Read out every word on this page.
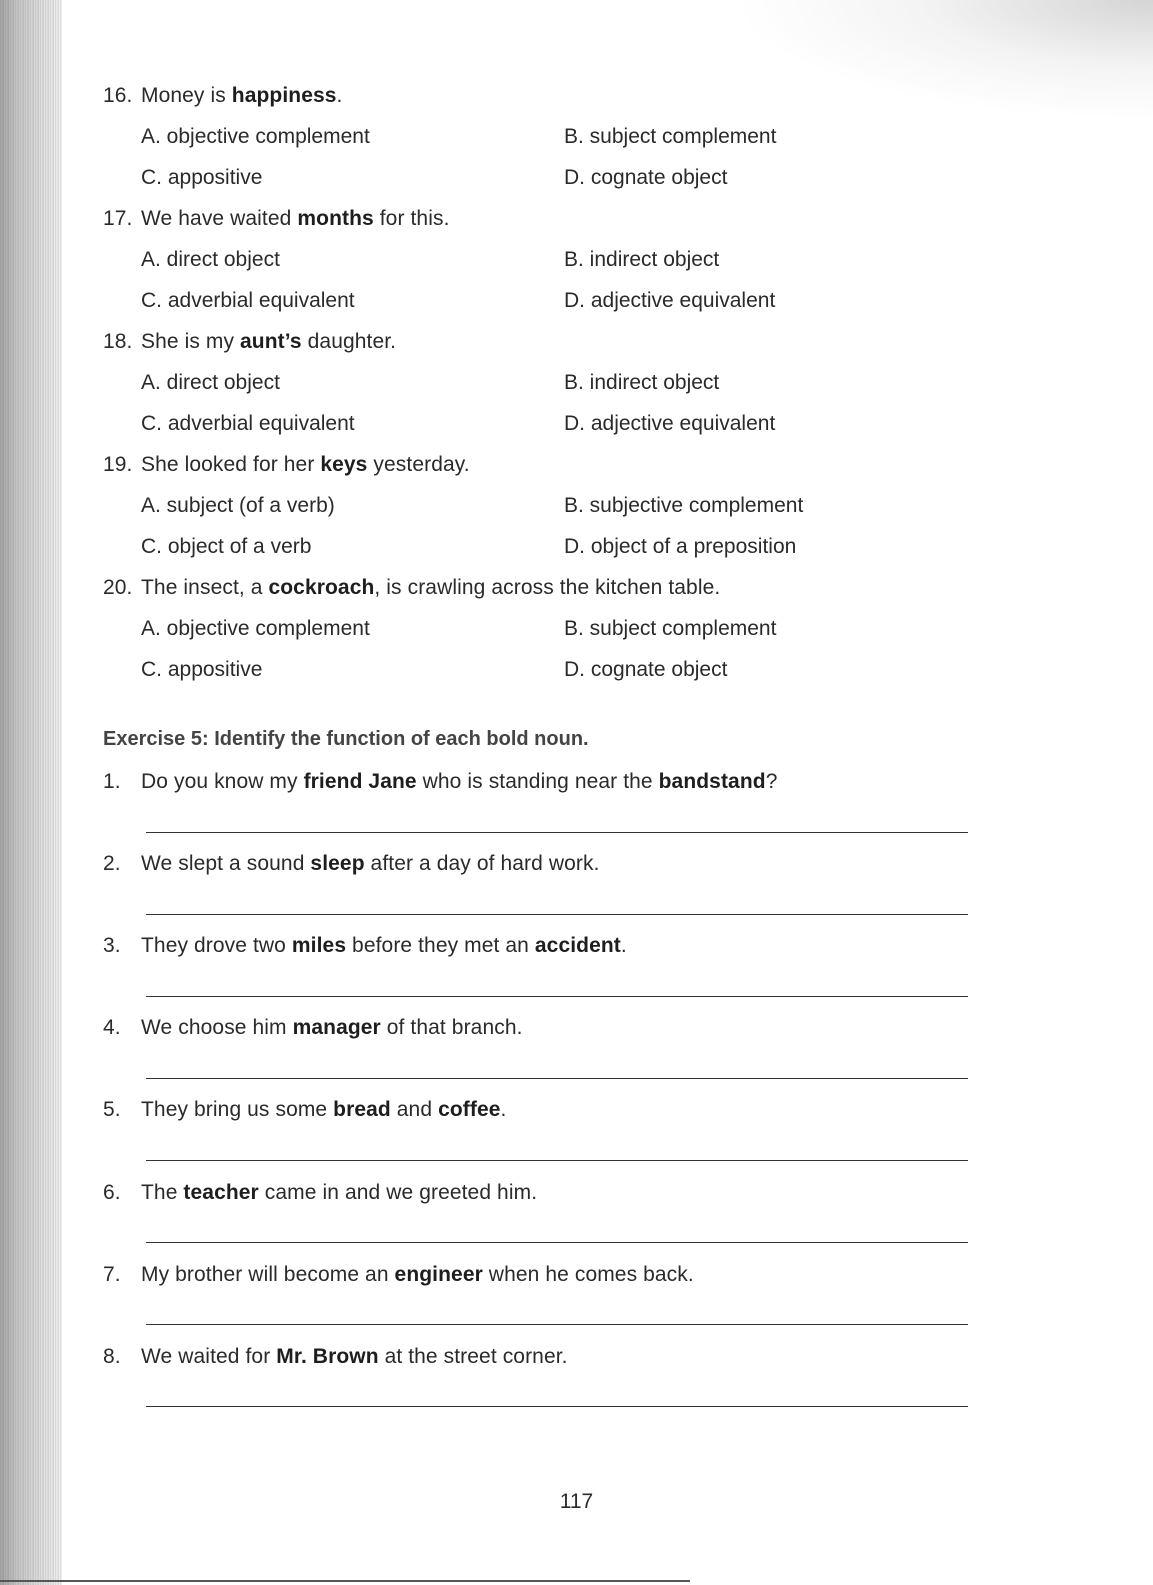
16. Money is happiness.
A. objective complement	B. subject complement
C. appositive	D. cognate object
17. We have waited months for this.
A. direct object	B. indirect object
C. adverbial equivalent	D. adjective equivalent
18. She is my aunt’s daughter.
A. direct object	B. indirect object
C. adverbial equivalent	D. adjective equivalent
19. She looked for her keys yesterday.
A. subject (of a verb)	B. subjective complement
C. object of a verb	D. object of a preposition
20. The insect, a cockroach, is crawling across the kitchen table.
A. objective complement	B. subject complement
C. appositive	D. cognate object
Exercise 5: Identify the function of each bold noun.
1. Do you know my friend Jane who is standing near the bandstand?
2. We slept a sound sleep after a day of hard work.
3. They drove two miles before they met an accident.
4. We choose him manager of that branch.
5. They bring us some bread and coffee.
6. The teacher came in and we greeted him.
7. My brother will become an engineer when he comes back.
8. We waited for Mr. Brown at the street corner.
117
